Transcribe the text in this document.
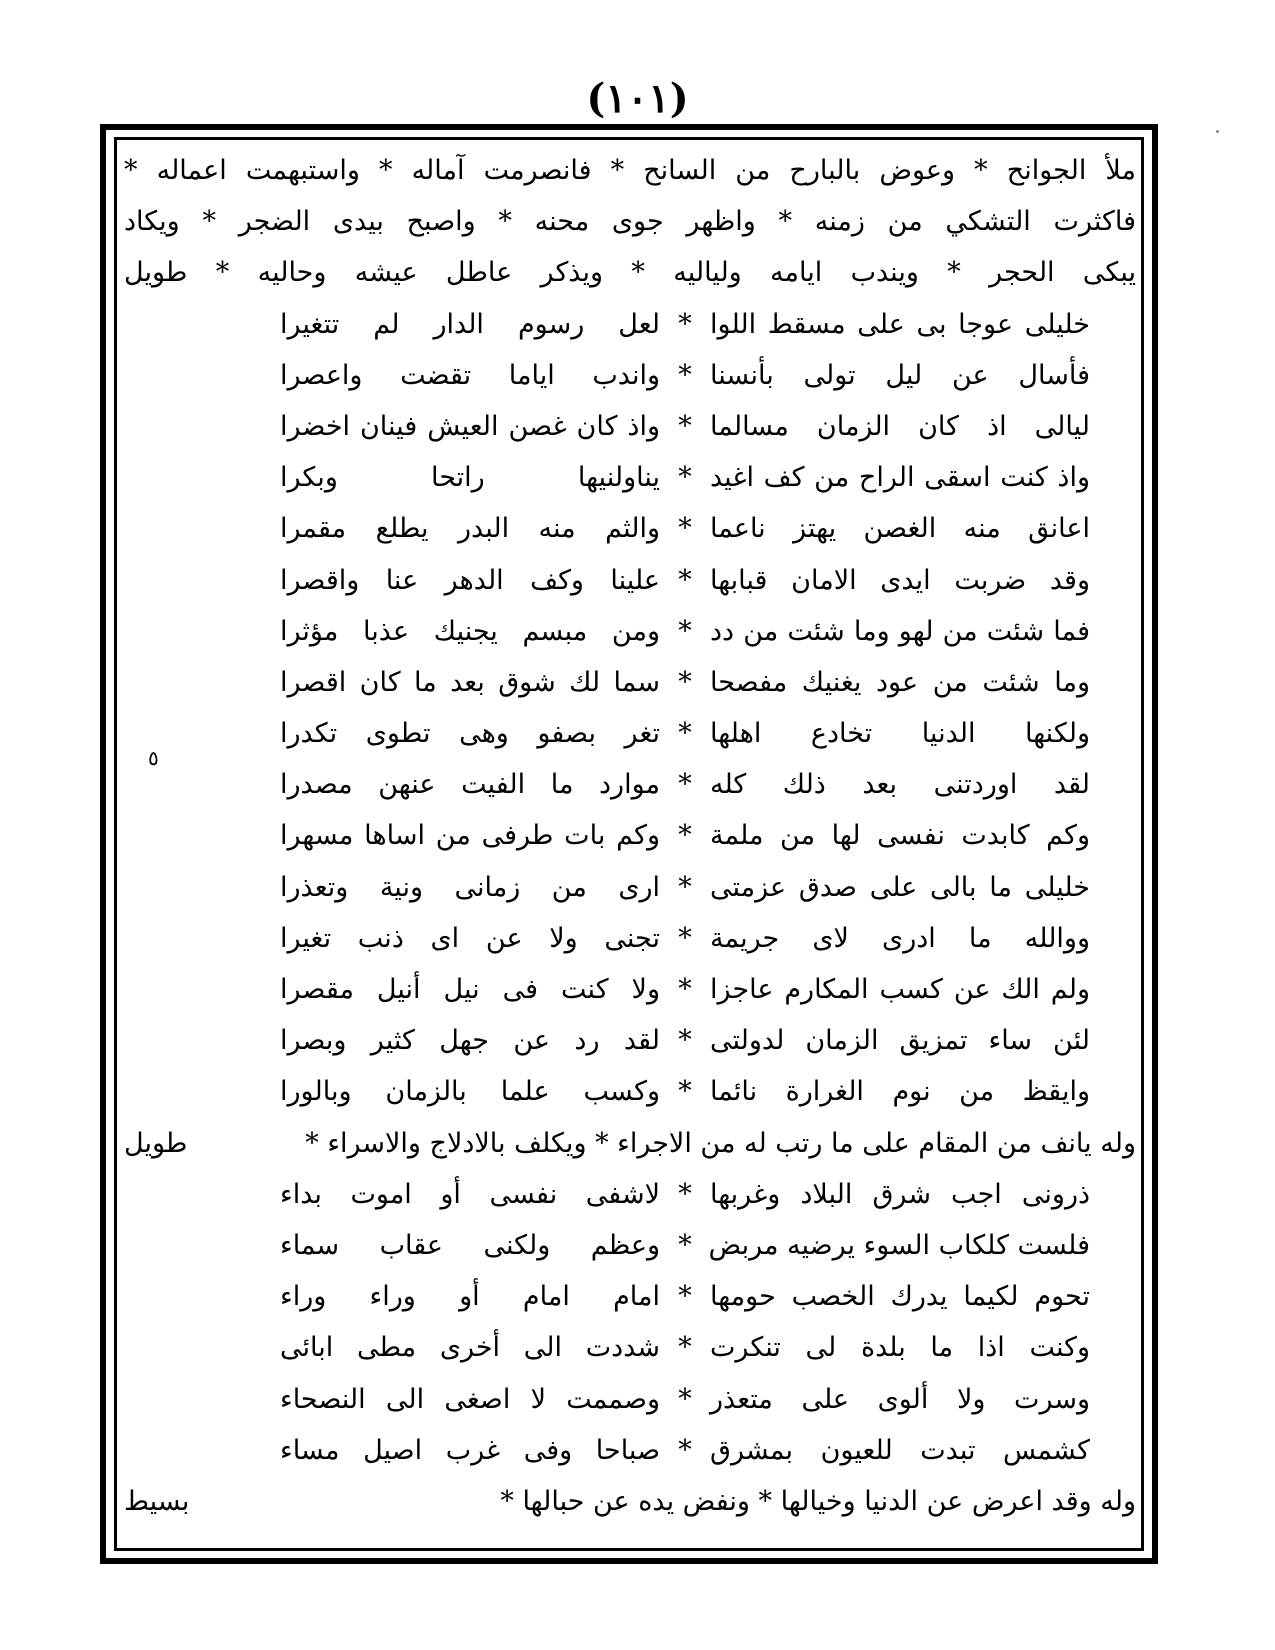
(١٠١)
٥
ملأ الجوانح * وعوض بالبارح من السانح * فانصرمت آماله * واستبهمت اعماله *
فاكثرت التشكي من زمنه * واظهر جوى محنه * واصبح بيدى الضجر * ويكاد
يبكى الحجر * ويندب ايامه ولياليه * ويذكر عاطل عيشه وحاليه * طويل
خليلى عوجا بى على مسقط اللوا
*
لعل رسوم الدار لم تتغيرا
فأسال عن ليل تولى بأنسنا
*
واندب اياما تقضت واعصرا
ليالى اذ كان الزمان مسالما
*
واذ كان غصن العيش فينان اخضرا
واذ كنت اسقى الراح من كف اغيد
*
يناولنيها راتحا وبكرا
اعانق منه الغصن يهتز ناعما
*
والثم منه البدر يطلع مقمرا
وقد ضربت ايدى الامان قبابها
*
علينا وكف الدهر عنا واقصرا
فما شئت من لهو وما شئت من دد
*
ومن مبسم يجنيك عذبا مؤثرا
وما شئت من عود يغنيك مفصحا
*
سما لك شوق بعد ما كان اقصرا
ولكنها الدنيا تخادع اهلها
*
تغر بصفو وهى تطوى تكدرا
لقد اوردتنى بعد ذلك كله
*
موارد ما الفيت عنهن مصدرا
وكم كابدت نفسى لها من ملمة
*
وكم بات طرفى من اساها مسهرا
خليلى ما بالى على صدق عزمتى
*
ارى من زمانى ونية وتعذرا
ووالله ما ادرى لاى جريمة
*
تجنى ولا عن اى ذنب تغيرا
ولم الك عن كسب المكارم عاجزا
*
ولا كنت فى نيل أنيل مقصرا
لئن ساء تمزيق الزمان لدولتى
*
لقد رد عن جهل كثير وبصرا
وايقظ من نوم الغرارة نائما
*
وكسب علما بالزمان وبالورا
وله يانف من المقام على ما رتب له من الاجراء * ويكلف بالادلاج والاسراء *
طويل
ذرونى اجب شرق البلاد وغربها
*
لاشفى نفسى أو اموت بداء
فلست كلكاب السوء يرضيه مربض
*
وعظم ولكنى عقاب سماء
تحوم لكيما يدرك الخصب حومها
*
امام امام أو وراء وراء
وكنت اذا ما بلدة لى تنكرت
*
شددت الى أخرى مطى ابائى
وسرت ولا ألوى على متعذر
*
وصممت لا اصغى الى النصحاء
كشمس تبدت للعيون بمشرق
*
صباحا وفى غرب اصيل مساء
وله وقد اعرض عن الدنيا وخيالها * ونفض يده عن حبالها *
بسيط
